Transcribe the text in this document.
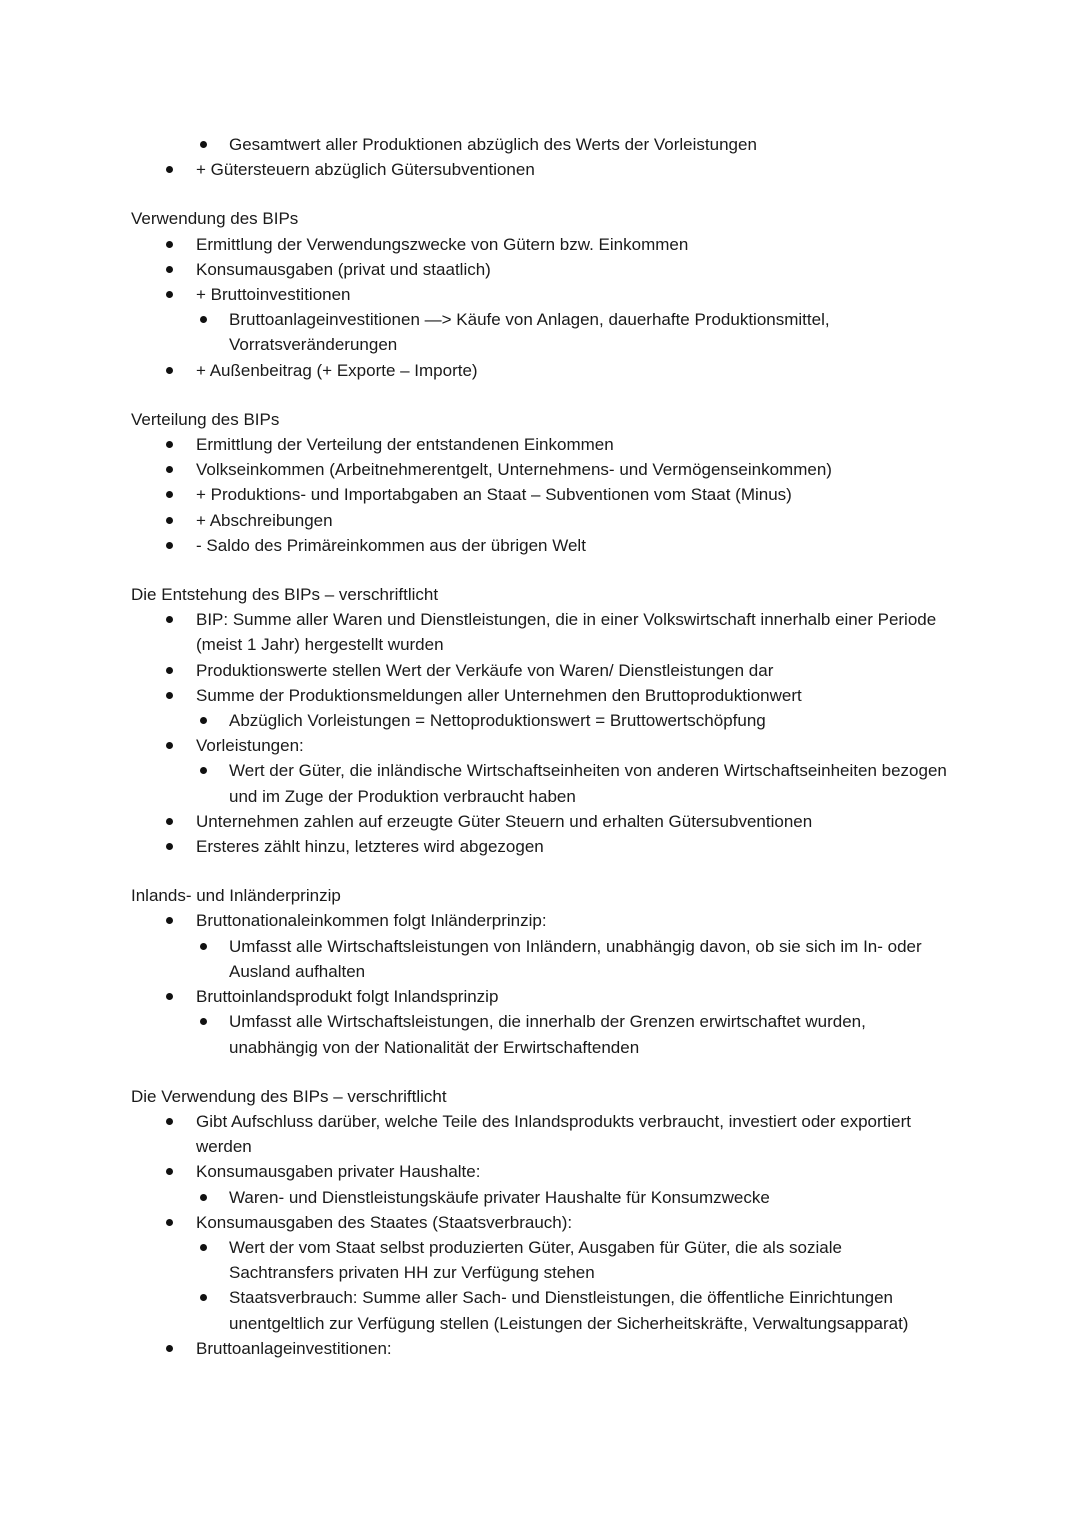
Gesamtwert aller Produktionen abzüglich des Werts der Vorleistungen
+ Gütersteuern abzüglich Gütersubventionen
Verwendung des BIPs
Ermittlung der Verwendungszwecke von Gütern bzw. Einkommen
Konsumausgaben (privat und staatlich)
+ Bruttoinvestitionen
Bruttoanlageinvestitionen —> Käufe von Anlagen, dauerhafte Produktionsmittel, Vorratsveränderungen
+ Außenbeitrag (+ Exporte – Importe)
Verteilung des BIPs
Ermittlung der Verteilung der entstandenen Einkommen
Volkseinkommen (Arbeitnehmerentgelt, Unternehmens- und Vermögenseinkommen)
+ Produktions- und Importabgaben an Staat – Subventionen vom Staat (Minus)
+ Abschreibungen
- Saldo des Primäreinkommen aus der übrigen Welt
Die Entstehung des BIPs – verschriftlicht
BIP: Summe aller Waren und Dienstleistungen, die in einer Volkswirtschaft innerhalb einer Periode (meist 1 Jahr) hergestellt wurden
Produktionswerte stellen Wert der Verkäufe von Waren/ Dienstleistungen dar
Summe der Produktionsmeldungen aller Unternehmen den Bruttoproduktionwert
Abzüglich Vorleistungen = Nettoproduktionswert = Bruttowertschöpfung
Vorleistungen:
Wert der Güter, die inländische Wirtschaftseinheiten von anderen Wirtschaftseinheiten bezogen und im Zuge der Produktion verbraucht haben
Unternehmen zahlen auf erzeugte Güter Steuern und erhalten Gütersubventionen
Ersteres zählt hinzu, letzteres wird abgezogen
Inlands- und Inländerprinzip
Bruttonationaleinkommen folgt Inländerprinzip:
Umfasst alle Wirtschaftsleistungen von Inländern, unabhängig davon, ob sie sich im In- oder Ausland aufhalten
Bruttoinlandsprodukt folgt Inlandsprinzip
Umfasst alle Wirtschaftsleistungen, die innerhalb der Grenzen erwirtschaftet wurden, unabhängig von der Nationalität der Erwirtschaftenden
Die Verwendung des BIPs – verschriftlicht
Gibt Aufschluss darüber, welche Teile des Inlandsprodukts verbraucht, investiert oder exportiert werden
Konsumausgaben privater Haushalte:
Waren- und Dienstleistungskäufe privater Haushalte für Konsumzwecke
Konsumausgaben des Staates (Staatsverbrauch):
Wert der vom Staat selbst produzierten Güter, Ausgaben für Güter, die als soziale Sachtransfers privaten HH zur Verfügung stehen
Staatsverbrauch: Summe aller Sach- und Dienstleistungen, die öffentliche Einrichtungen unentgeltlich zur Verfügung stellen (Leistungen der Sicherheitskräfte, Verwaltungsapparat)
Bruttoanlageinvestitionen:
